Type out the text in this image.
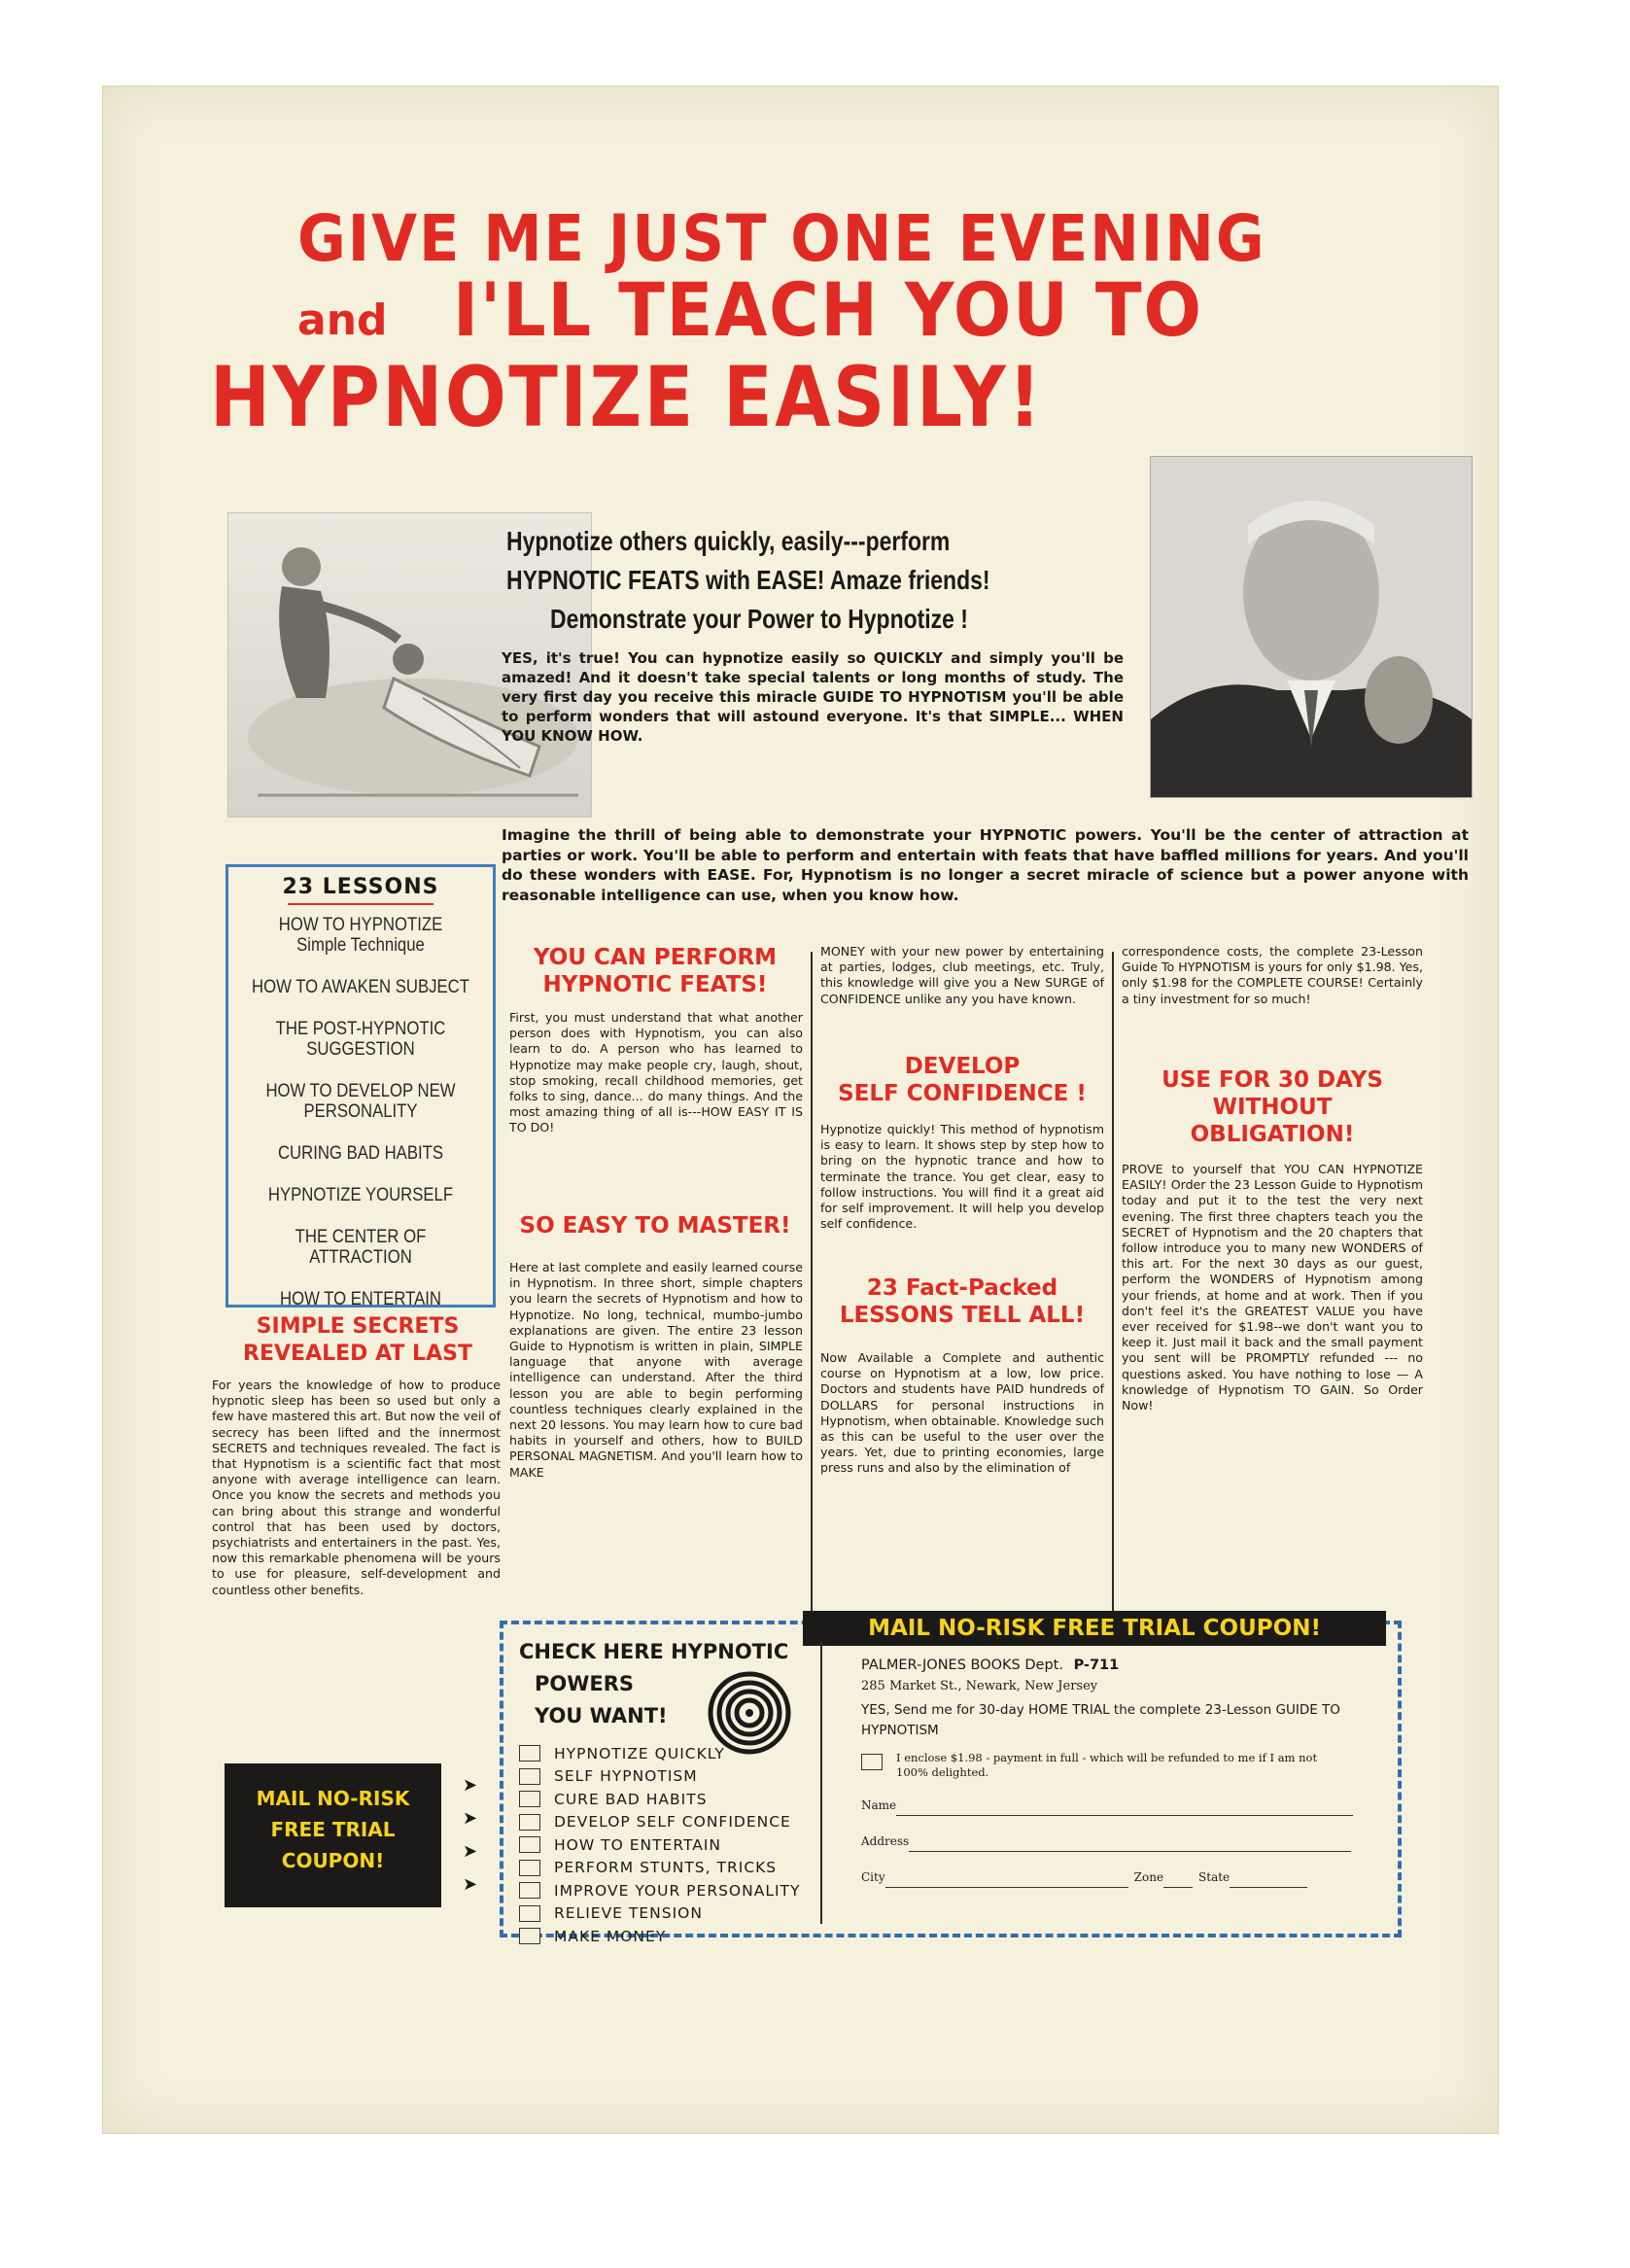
GIVE ME JUST ONE EVENING
and I'LL TEACH YOU TO
HYPNOTIZE EASILY!
Hypnotize others quickly, easily---perform
HYPNOTIC FEATS with EASE! Amaze friends!
Demonstrate your Power to Hypnotize !
YES, it's true! You can hypnotize easily so QUICKLY and simply you'll be amazed! And it doesn't take special talents or long months of study. The very first day you receive this miracle GUIDE TO HYPNOTISM you'll be able to perform wonders that will astound everyone. It's that SIMPLE... WHEN YOU KNOW HOW.
Imagine the thrill of being able to demonstrate your HYPNOTIC powers. You'll be the center of attraction at parties or work. You'll be able to perform and entertain with feats that have baffled millions for years. And you'll do these wonders with EASE. For, Hypnotism is no longer a secret miracle of science but a power anyone with reasonable intelligence can use, when you know how.
23 LESSONS
HOW TO HYPNOTIZE
Simple Technique
HOW TO AWAKEN SUBJECT
THE POST-HYPNOTIC
SUGGESTION
HOW TO DEVELOP NEW
PERSONALITY
CURING BAD HABITS
HYPNOTIZE YOURSELF
THE CENTER OF
ATTRACTION
HOW TO ENTERTAIN
SIMPLE SECRETS
REVEALED AT LAST
For years the knowledge of how to produce hypnotic sleep has been so used but only a few have mastered this art. But now the veil of secrecy has been lifted and the innermost SECRETS and techniques revealed. The fact is that Hypnotism is a scientific fact that most anyone with average intelligence can learn. Once you know the secrets and methods you can bring about this strange and wonderful control that has been used by doctors, psychiatrists and entertainers in the past. Yes, now this remarkable phenomena will be yours to use for pleasure, self-development and countless other benefits.
MAIL NO-RISK
FREE TRIAL
COUPON!
➤
➤
➤
➤
YOU CAN PERFORM
HYPNOTIC FEATS!
First, you must understand that what another person does with Hypnotism, you can also learn to do. A person who has learned to Hypnotize may make people cry, laugh, shout, stop smoking, recall childhood memories, get folks to sing, dance... do many things. And the most amazing thing of all is---HOW EASY IT IS TO DO!
SO EASY TO MASTER!
Here at last complete and easily learned course in Hypnotism. In three short, simple chapters you learn the secrets of Hypnotism and how to Hypnotize. No long, technical, mumbo-jumbo explanations are given. The entire 23 lesson Guide to Hypnotism is written in plain, SIMPLE language that anyone with average intelligence can understand. After the third lesson you are able to begin performing countless techniques clearly explained in the next 20 lessons. You may learn how to cure bad habits in yourself and others, how to BUILD PERSONAL MAGNETISM. And you'll learn how to MAKE
MONEY with your new power by entertaining at parties, lodges, club meetings, etc. Truly, this knowledge will give you a New SURGE of CONFIDENCE unlike any you have known.
DEVELOP
SELF CONFIDENCE !
Hypnotize quickly! This method of hypnotism is easy to learn. It shows step by step how to bring on the hypnotic trance and how to terminate the trance. You get clear, easy to follow instructions. You will find it a great aid for self improvement. It will help you develop self confidence.
23 Fact-Packed
LESSONS TELL ALL!
Now Available a Complete and authentic course on Hypnotism at a low, low price. Doctors and students have PAID hundreds of DOLLARS for personal instructions in Hypnotism, when obtainable. Knowledge such as this can be useful to the user over the years. Yet, due to printing economies, large press runs and also by the elimination of
correspondence costs, the complete 23-Lesson Guide To HYPNOTISM is yours for only $1.98. Yes, only $1.98 for the COMPLETE COURSE! Certainly a tiny investment for so much!
USE FOR 30 DAYS
WITHOUT
OBLIGATION!
PROVE to yourself that YOU CAN HYPNOTIZE EASILY! Order the 23 Lesson Guide to Hypnotism today and put it to the test the very next evening. The first three chapters teach you the SECRET of Hypnotism and the 20 chapters that follow introduce you to many new WONDERS of this art. For the next 30 days as our guest, perform the WONDERS of Hypnotism among your friends, at home and at work. Then if you don't feel it's the GREATEST VALUE you have ever received for $1.98--we don't want you to keep it. Just mail it back and the small payment you sent will be PROMPTLY refunded --- no questions asked. You have nothing to lose — A knowledge of Hypnotism TO GAIN. So Order Now!
MAIL NO-RISK FREE TRIAL COUPON!
CHECK HERE HYPNOTIC
POWERS
YOU WANT!
HYPNOTIZE QUICKLY
SELF HYPNOTISM
CURE BAD HABITS
DEVELOP SELF CONFIDENCE
HOW TO ENTERTAIN
PERFORM STUNTS, TRICKS
IMPROVE YOUR PERSONALITY
RELIEVE TENSION
MAKE MONEY
PALMER-JONES BOOKS Dept. P-711
285 Market St., Newark, New Jersey
YES, Send me for 30-day HOME TRIAL the complete 23-Lesson GUIDE TO HYPNOTISM
I enclose $1.98 - payment in full - which will be refunded to me if I am not 100% delighted.
Name
Address
City	Zone	State
